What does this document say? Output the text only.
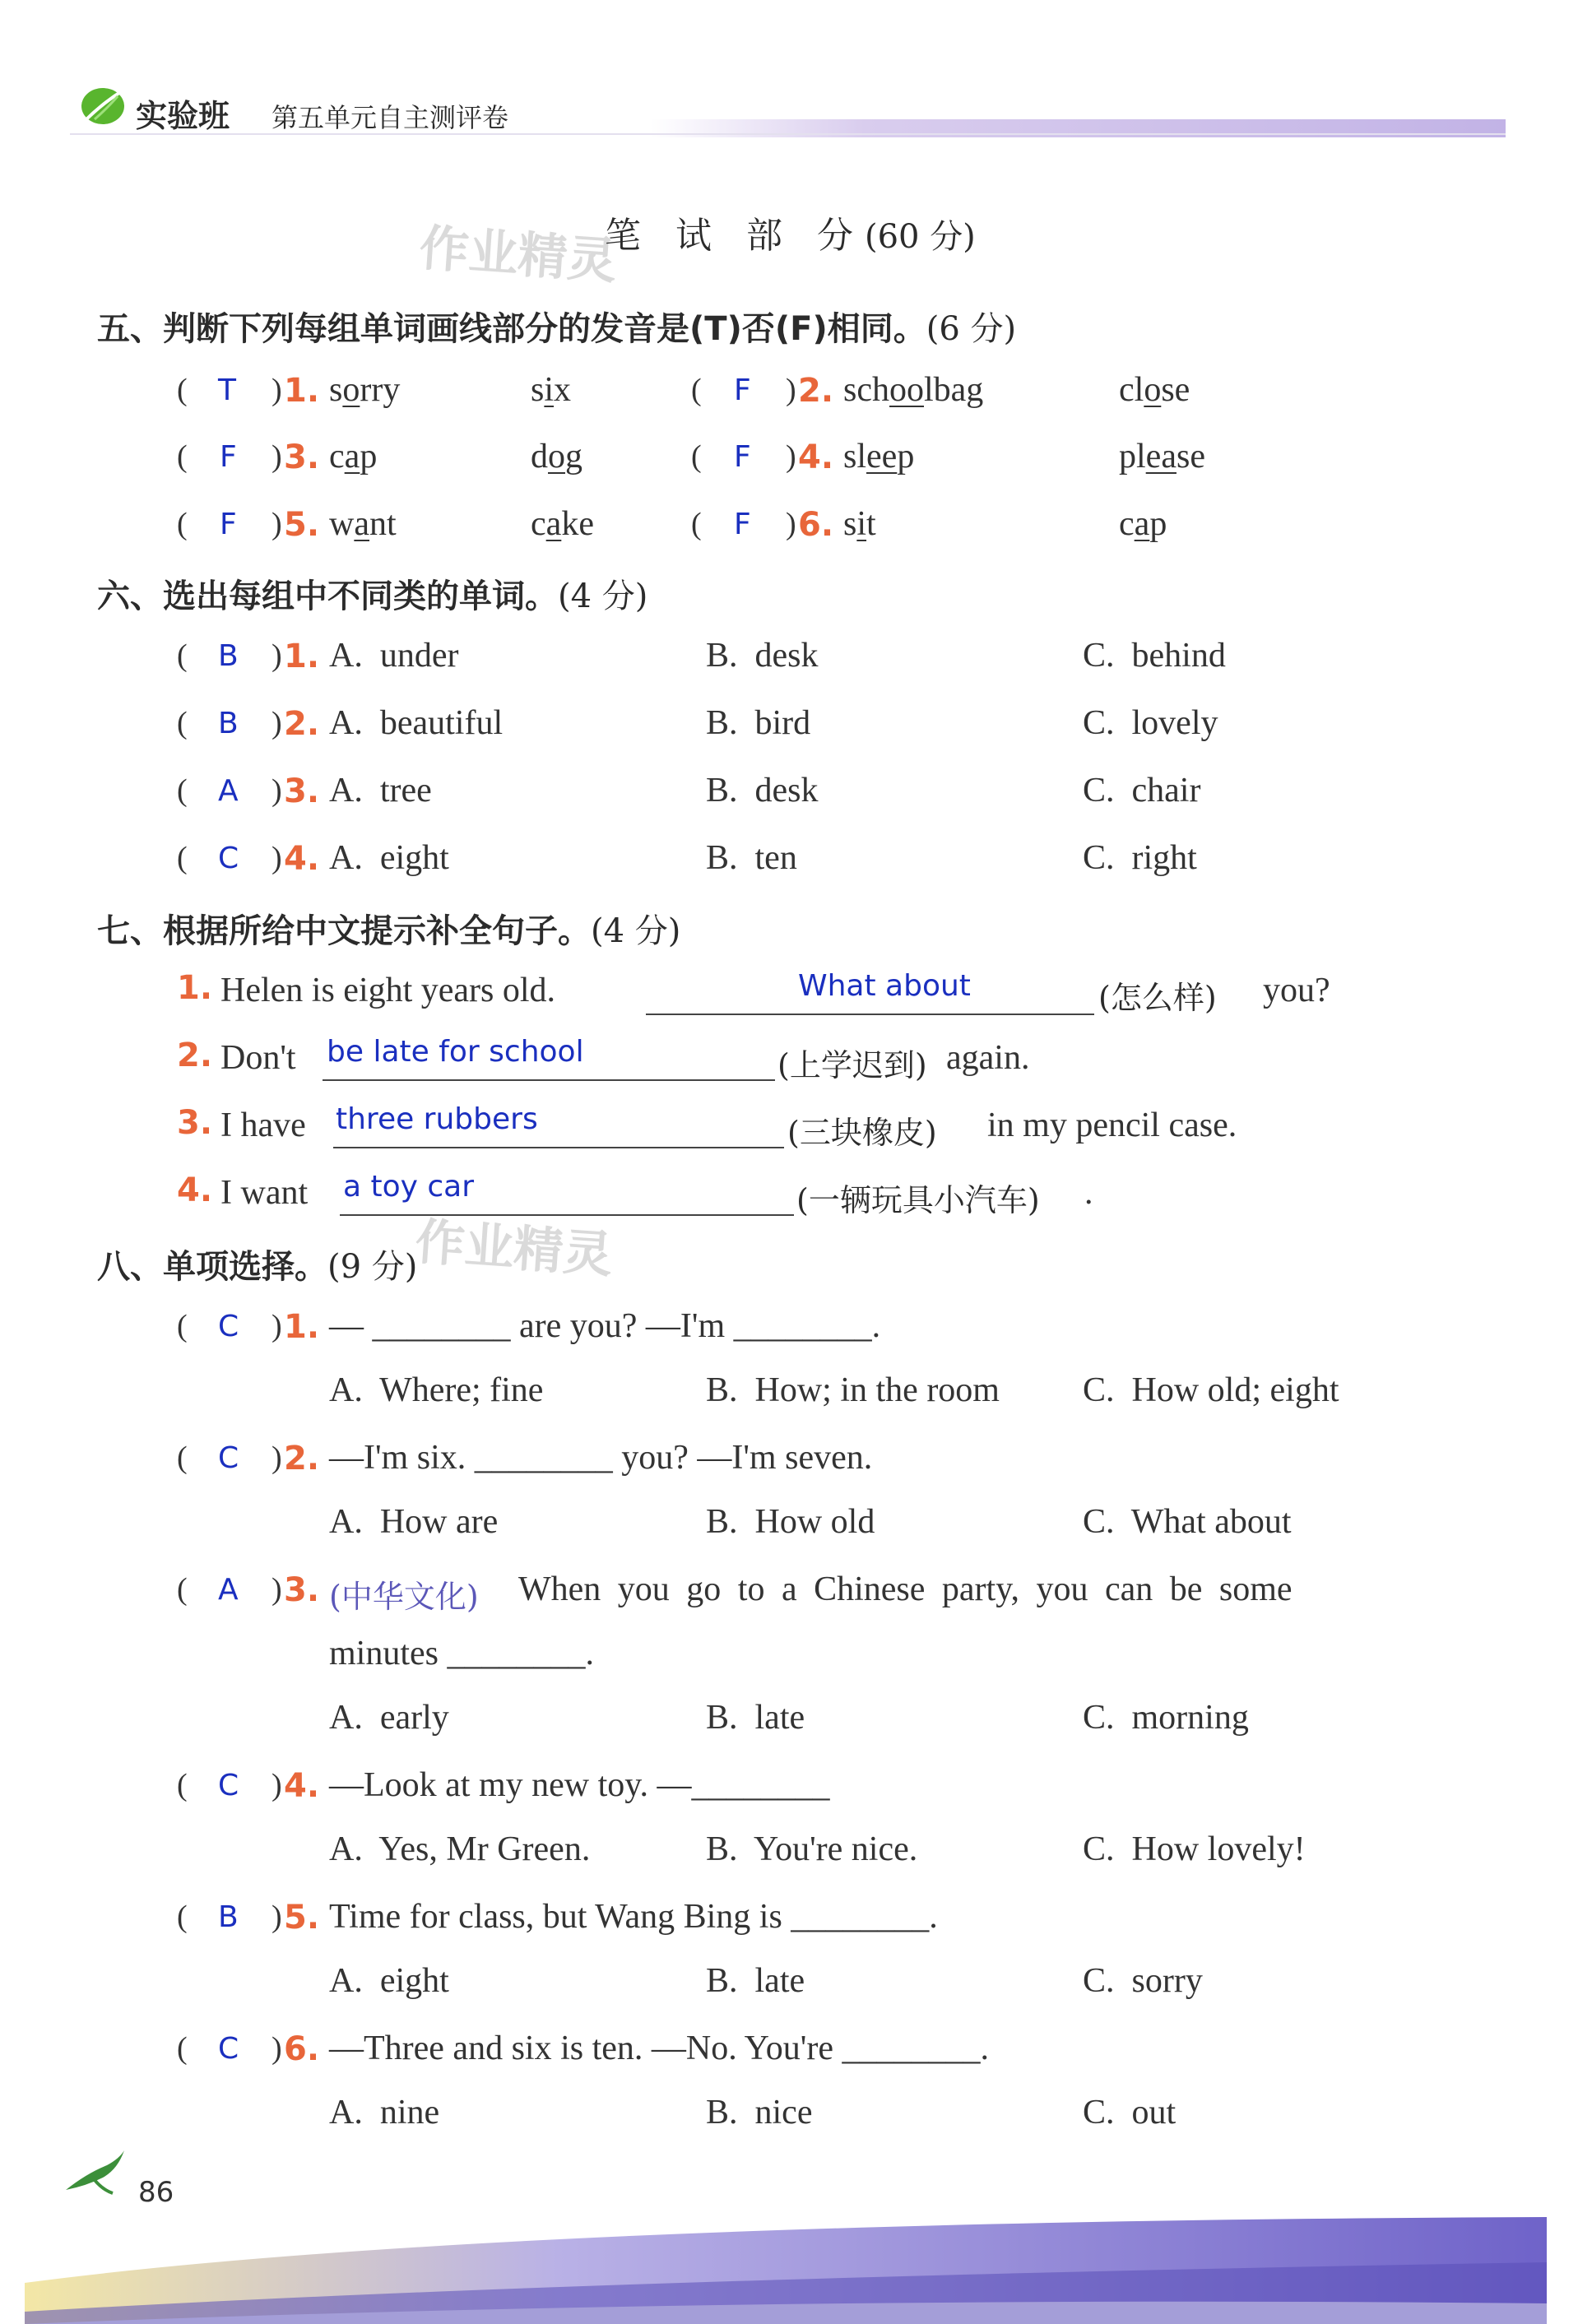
实验班 第五单元自主测评卷
作业精灵
笔 试 部 分(60 分)
五、判断下列每组单词画线部分的发音是(T)否(F)相同。(6 分)
( T ) 1. sorry	six	( F ) 2. schoolbag	close
( F ) 3. cap	dog	( F ) 4. sleep	please
( F ) 5. want	cake	( F ) 6. sit	cap
六、选出每组中不同类的单词。(4 分)
( B ) 1. A.  under	B.  desk	C.  behind
( B ) 2. A.  beautiful	B.  bird	C.  lovely
( A ) 3. A.  tree	B.  desk	C.  chair
( C ) 4. A.  eight	B.  ten	C.  right
七、根据所给中文提示补全句子。(4 分)
1. Helen is eight years old.	What about	(怎么样) you?
2. Don't be late for school	(上学迟到) again.
3. I have three rubbers	(三块橡皮) in my pencil case.
4. I want a toy car	(一辆玩具小汽车) .
作业精灵
八、单项选择。(9 分)
( C ) 1. — ________ are you? —I'm ________.
A.  Where; fine	B.  How; in the room C.  How old; eight
( C ) 2. —I'm six. ________ you? —I'm seven.
A.  How are	B.  How old	C.  What about
( A ) 3. (中华文化) When you go to a Chinese party, you can be some
minutes ________.
A.  early	B.  late	C.  morning
( C ) 4. —Look at my new toy. —________
A.  Yes, Mr Green.	B.  You're nice.	C.  How lovely!
( B ) 5. Time for class, but Wang Bing is ________.
A.  eight	B.  late	C.  sorry
( C ) 6. —Three and six is ten. —No. You're ________.
A.  nine	B.  nice	C.  out
86
